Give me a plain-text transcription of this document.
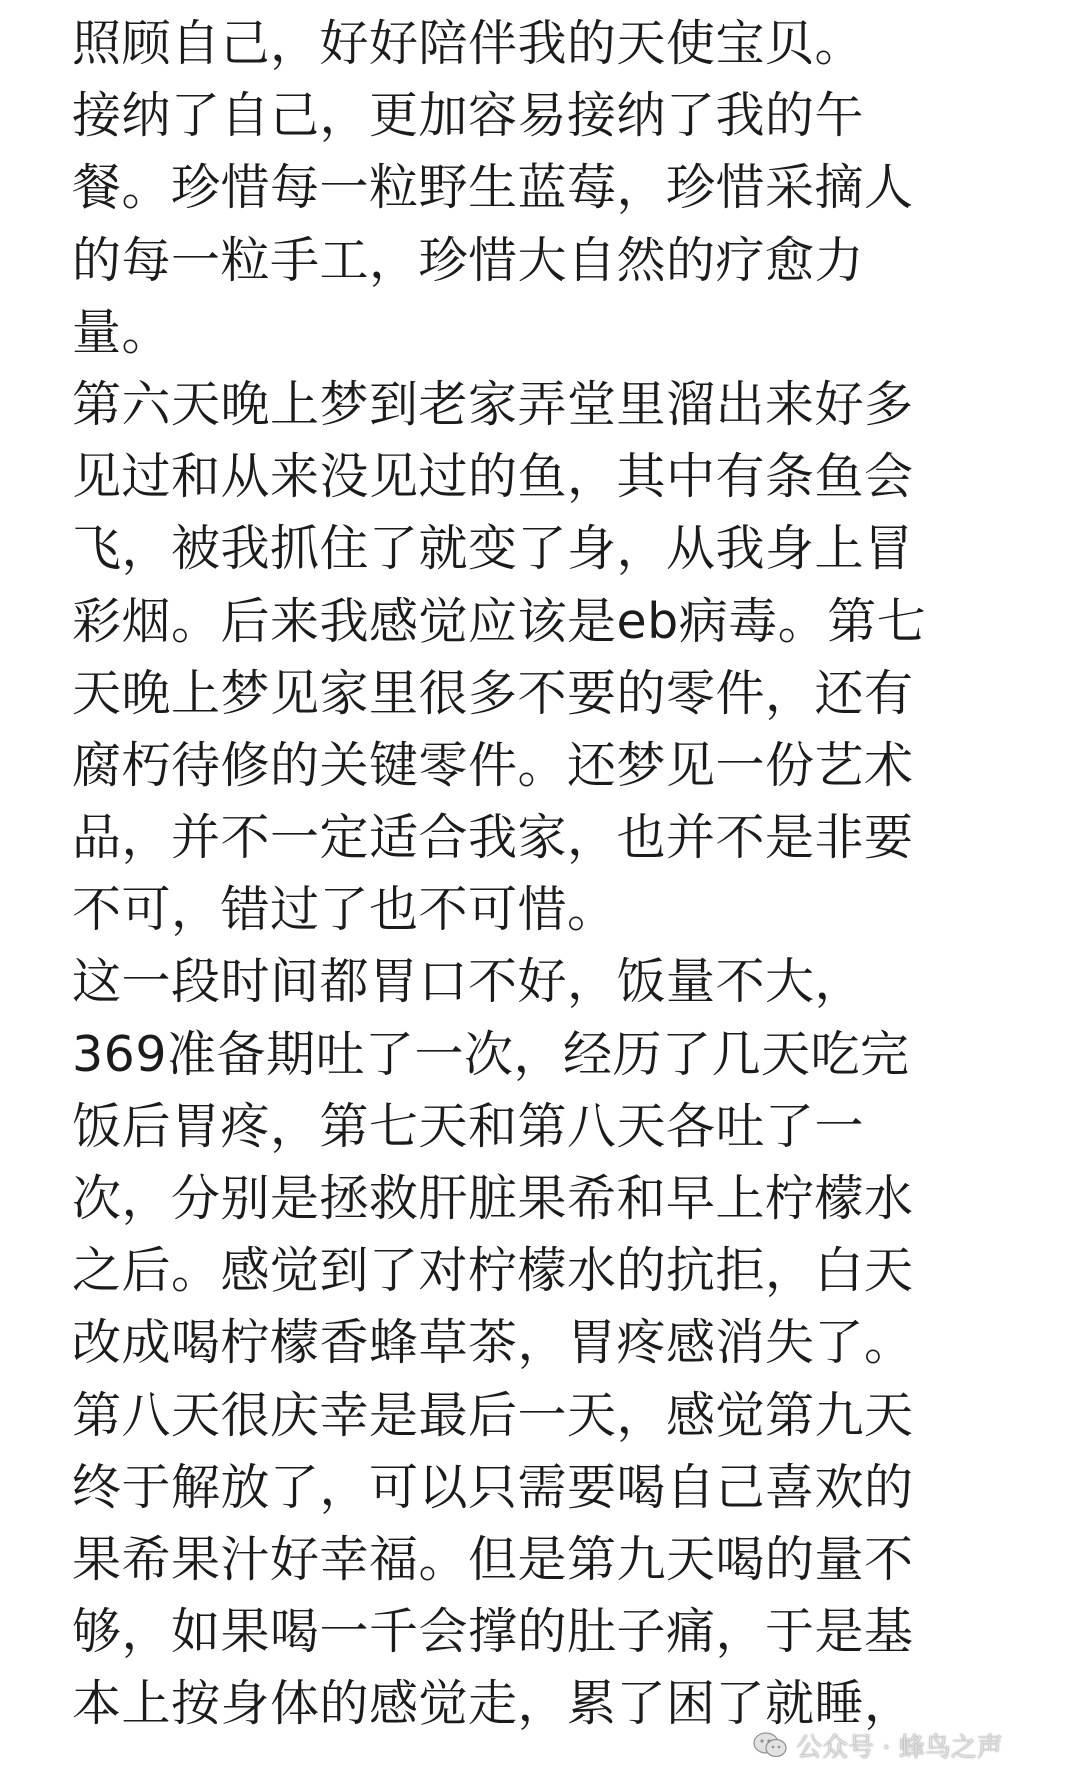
照顾自己，好好陪伴我的天使宝贝。
接纳了自己，更加容易接纳了我的午
餐。珍惜每一粒野生蓝莓，珍惜采摘人
的每一粒手工，珍惜大自然的疗愈力
量。
第六天晚上梦到老家弄堂里溜出来好多
见过和从来没见过的鱼，其中有条鱼会
飞，被我抓住了就变了身，从我身上冒
彩烟。后来我感觉应该是eb病毒。第七
天晚上梦见家里很多不要的零件，还有
腐朽待修的关键零件。还梦见一份艺术
品，并不一定适合我家，也并不是非要
不可，错过了也不可惜。
这一段时间都胃口不好，饭量不大，
369准备期吐了一次，经历了几天吃完
饭后胃疼，第七天和第八天各吐了一
次，分别是拯救肝脏果希和早上柠檬水
之后。感觉到了对柠檬水的抗拒，白天
改成喝柠檬香蜂草茶，胃疼感消失了。
第八天很庆幸是最后一天，感觉第九天
终于解放了，可以只需要喝自己喜欢的
果希果汁好幸福。但是第九天喝的量不
够，如果喝一千会撑的肚子痛，于是基
本上按身体的感觉走，累了困了就睡，
公众号 · 蜂鸟之声
